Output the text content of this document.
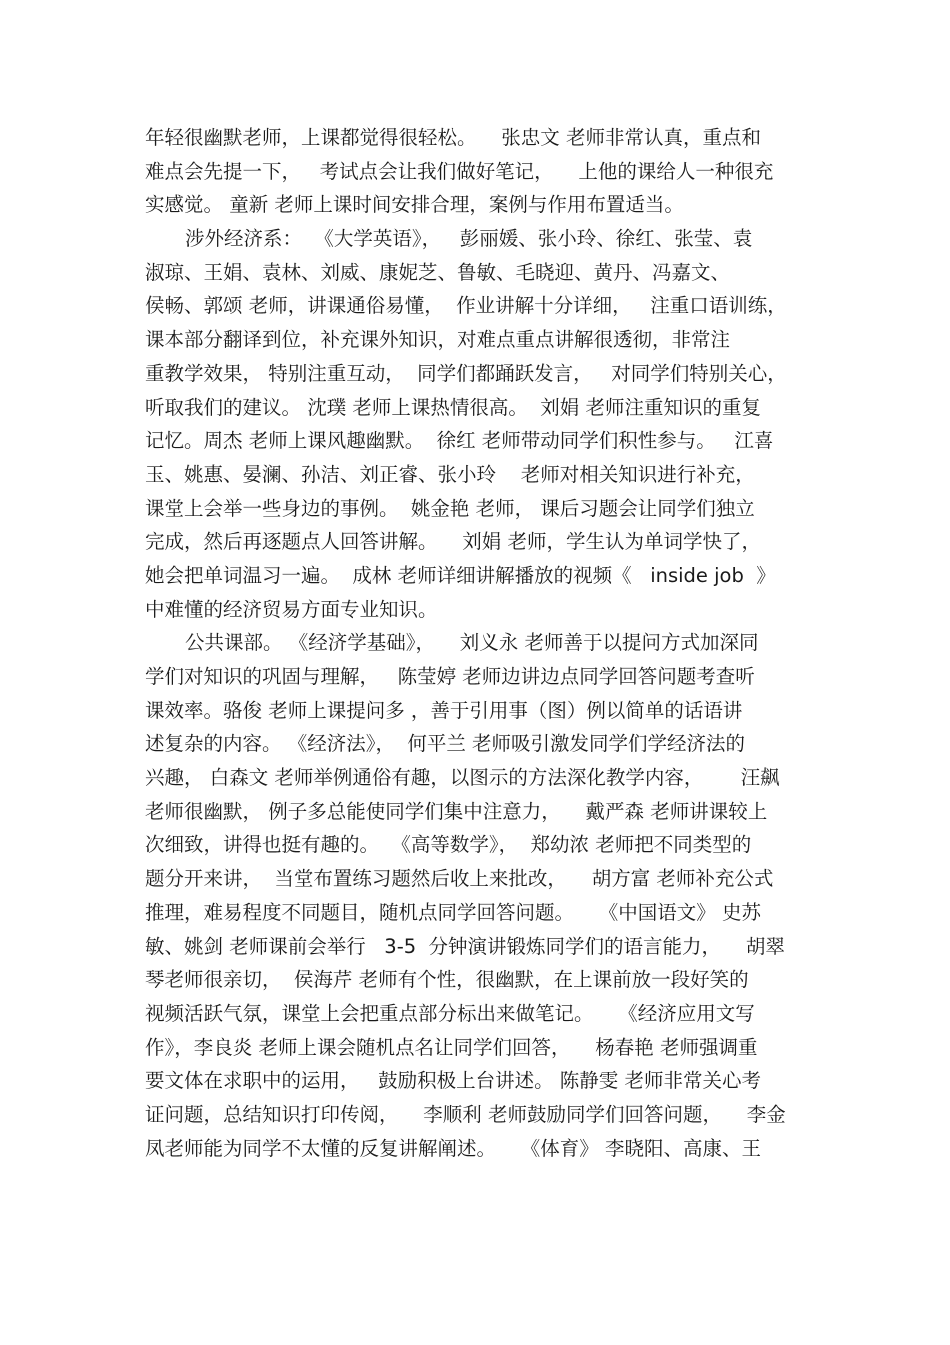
年轻很幽默老师，上课都觉得很轻松。    张忠文 老师非常认真，重点和
难点会先提一下，   考试点会让我们做好笔记，    上他的课给人一种很充
实感觉。 童新 老师上课时间安排合理，案例与作用布置适当。
涉外经济系：  《大学英语》，   彭丽媛、张小玲、徐红、张莹、袁
淑琼、王娟、袁林、刘威、康妮芝、鲁敏、毛晓迎、黄丹、冯嘉文、
侯畅、郭颂 老师，讲课通俗易懂，  作业讲解十分详细，   注重口语训练，
课本部分翻译到位，补充课外知识，对难点重点讲解很透彻，非常注
重教学效果， 特别注重互动，  同学们都踊跃发言，   对同学们特别关心，
听取我们的建议。 沈璞 老师上课热情很高。  刘娟 老师注重知识的重复
记忆。周杰 老师上课风趣幽默。  徐红 老师带动同学们积性参与。   江喜
玉、姚惠、晏澜、孙洁、刘正睿、张小玲    老师对相关知识进行补充，
课堂上会举一些身边的事例。  姚金艳 老师， 课后习题会让同学们独立
完成，然后再逐题点人回答讲解。    刘娟 老师，学生认为单词学快了，
她会把单词温习一遍。  成林 老师详细讲解播放的视频《   inside job  》
中难懂的经济贸易方面专业知识。
公共课部。 《经济学基础》，    刘义永 老师善于以提问方式加深同
学们对知识的巩固与理解，   陈莹婷 老师边讲边点同学回答问题考查听
课效率。骆俊 老师上课提问多 ，善于引用事（图）例以简单的话语讲
述复杂的内容。 《经济法》，  何平兰 老师吸引激发同学们学经济法的
兴趣， 白森文 老师举例通俗有趣，以图示的方法深化教学内容，      汪飙
老师很幽默， 例子多总能使同学们集中注意力，    戴严森 老师讲课较上
次细致，讲得也挺有趣的。  《高等数学》，  郑幼浓 老师把不同类型的
题分开来讲，  当堂布置练习题然后收上来批改，    胡方富 老师补充公式
推理，难易程度不同题目，随机点同学回答问题。    《中国语文》 史苏
敏、姚剑 老师课前会举行   3-5  分钟演讲锻炼同学们的语言能力，    胡翠
琴老师很亲切，  侯海芹 老师有个性，很幽默，在上课前放一段好笑的
视频活跃气氛，课堂上会把重点部分标出来做笔记。    《经济应用文写
作》，李良炎 老师上课会随机点名让同学们回答，    杨春艳 老师强调重
要文体在求职中的运用，   鼓励积极上台讲述。 陈静雯 老师非常关心考
证问题，总结知识打印传阅，    李顺利 老师鼓励同学们回答问题，    李金
凤老师能为同学不太懂的反复讲解阐述。    《体育》 李晓阳、高康、王
